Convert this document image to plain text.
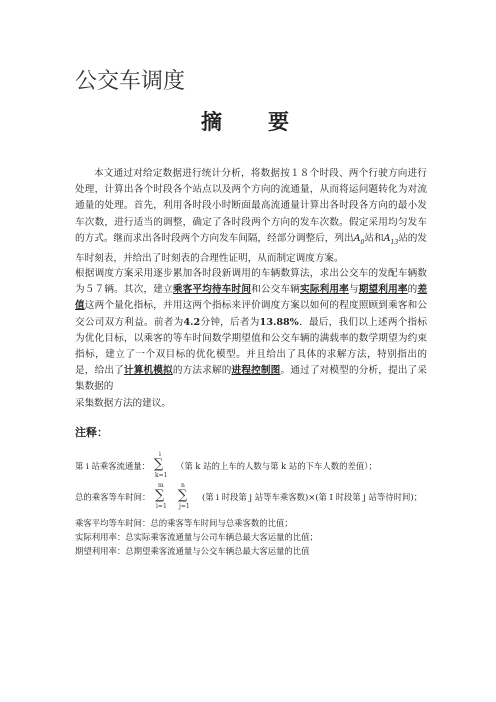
公交车调度
摘要
本文通过对给定数据进行统计分析，将数据按１８个时段、两个行驶方向进行处理，计算出各个时段各个站点以及两个方向的流通量，从而将运问题转化为对流通量的处理。首先，利用各时段小时断面最高流通量计算出各时段各方向的最小发车次数，进行适当的调整，确定了各时段两个方向的发车次数。假定采用均匀发车的方式。继而求出各时段两个方向发车间隔，经部分调整后，列出$A_0$站和$A_{13}$站的发车时刻表，并给出了时刻表的合理性证明，从而制定调度方案。
根据调度方案采用逐步累加各时段新调用的车辆数算法，求出公交车的发配车辆数为５７辆。其次，建立乘客平均待车时间和公交车辆实际利用率与期望利用率的差值这两个量化指标，并用这两个指标来评价调度方案以如何的程度照顾到乘客和公交公司双方利益。前者为4.2分钟，后者为13.88%．最后，我们以上述两个指标为优化目标，以乘客的等车时间数学期望值和公交车辆的满载率的数学期望为约束指标，建立了一个双目标的优化模型。并且给出了具体的求解方法，特别指出的是，给出了计算机模拟的方法求解的进程控制图。通过了对模型的分析，提出了采集数据的
采集数据方法的建议。
注释：
第 i 站乘客流通量：
i
∑
k=1
（第 k 站的上车的人数与第 k 站的下车人数的差值）；
总的乘客等车时间：
m
∑
i=1
n
∑
j=1
(第 i 时段第 j 站等车乘客数)×(第 I 时段第 j 站等待时间)；
乘客平均等车时间：总的乘客等车时间与总乘客数的比值；
实际利用率：总实际乘客流通量与公司车辆总最大客运量的比值；
期望利用率：总期望乘客流通量与公交车辆总最大客运量的比值
